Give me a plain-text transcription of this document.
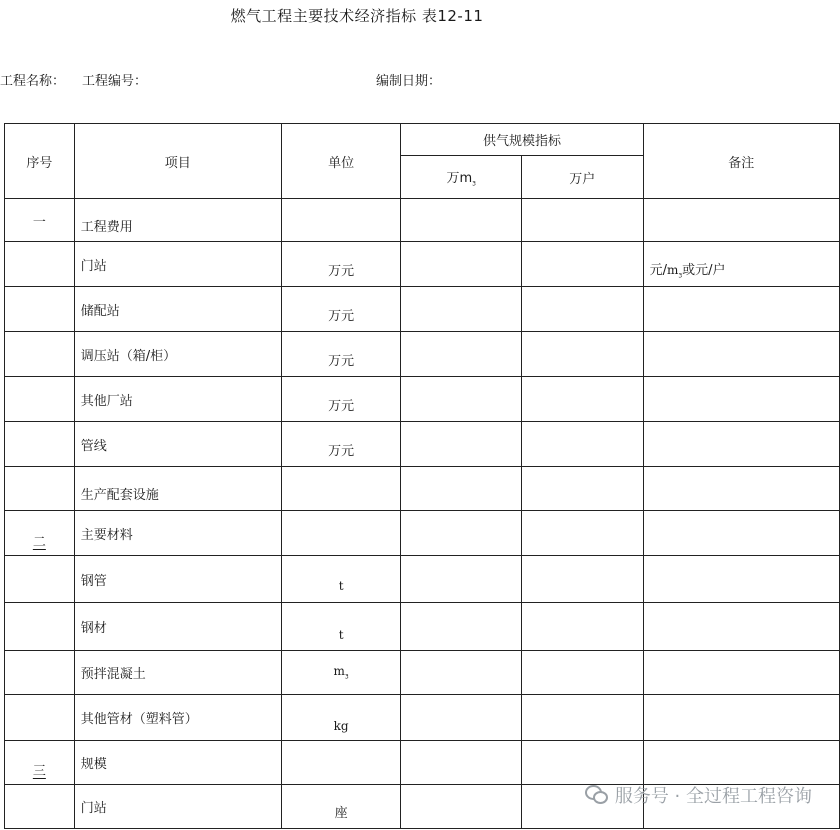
燃气工程主要技术经济指标 表12-11
工程名称： 工程编号：	编制日期：
序号	项目	单位	供气规模指标		备注
			万$m_3$	万户	
一	工程费用				
	门站	万元			元$/m_3$或元/户
	储配站	万元			
	调压站（箱/柜）	万元			
	其他厂站	万元			
	管线	万元			
	生产配套设施				
二	主要材料				
	钢管	t			
	钢材	t			
	预拌混凝土	$m_3$			
	其他管材（塑料管）	kg			
三	规模				
	门站	座			
服务号 · 全过程工程咨询
